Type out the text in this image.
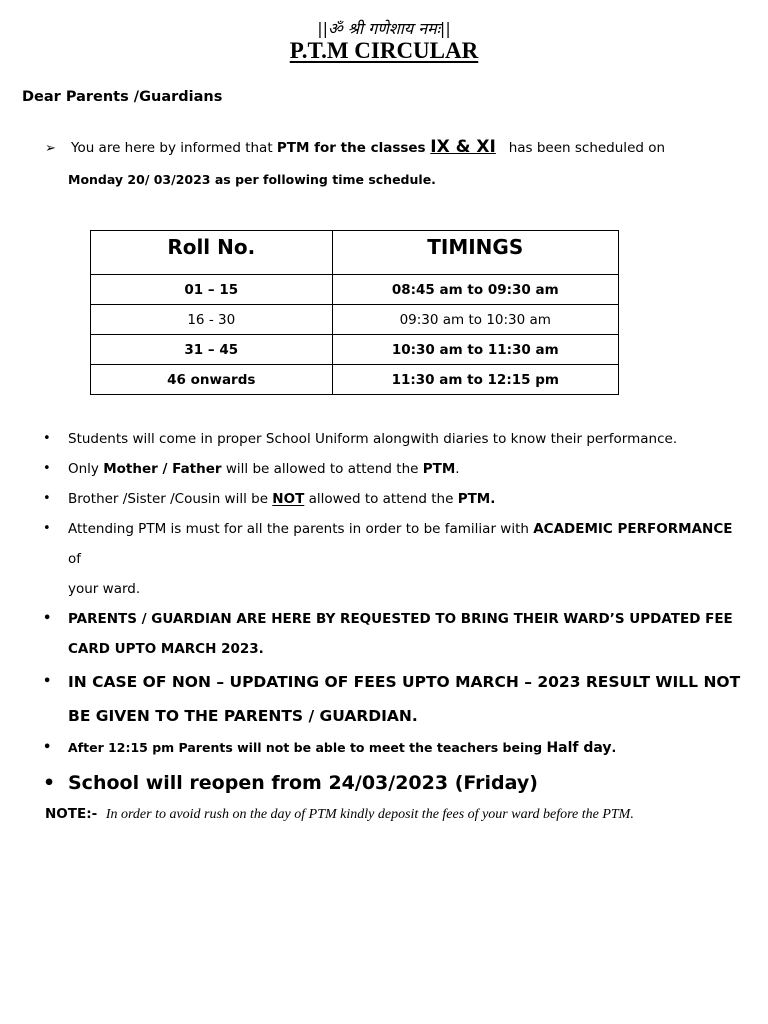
||ॐ श्री गणेशाय नमः||
P.T.M CIRCULAR
Dear Parents /Guardians
➢ You are here by informed that PTM for the classes IX & XI has been scheduled on
Monday 20/ 03/2023 as per following time schedule.
Roll No.	TIMINGS
01 – 15	08:45 am to 09:30 am
16 - 30	09:30 am to 10:30 am
31 – 45	10:30 am to 11:30 am
46 onwards	11:30 am to 12:15 pm
• Students will come in proper School Uniform alongwith diaries to know their performance.
• Only Mother / Father will be allowed to attend the PTM.
• Brother /Sister /Cousin will be NOT allowed to attend the PTM.
• Attending PTM is must for all the parents in order to be familiar with ACADEMIC PERFORMANCE of
your ward.
• PARENTS / GUARDIAN ARE HERE BY REQUESTED TO BRING THEIR WARD’S UPDATED FEE
CARD UPTO MARCH 2023.
• IN CASE OF NON – UPDATING OF FEES UPTO MARCH – 2023 RESULT WILL NOT
BE GIVEN TO THE PARENTS / GUARDIAN.
• After 12:15 pm Parents will not be able to meet the teachers being Half day.
• School will reopen from 24/03/2023 (Friday)
NOTE:- In order to avoid rush on the day of PTM kindly deposit the fees of your ward before the PTM.
